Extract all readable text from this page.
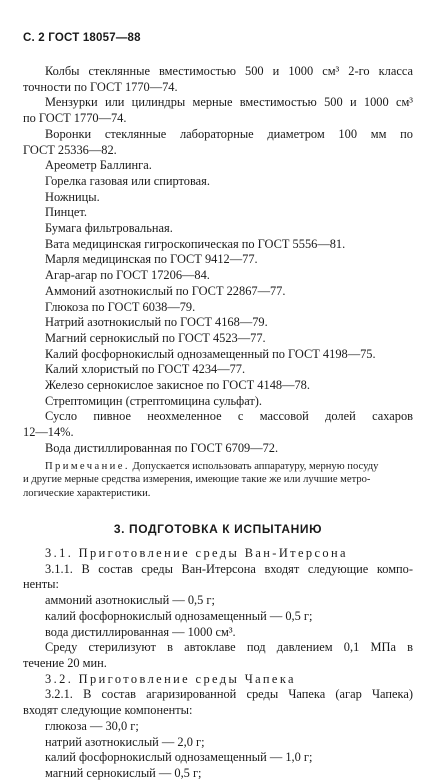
С. 2 ГОСТ 18057—88
Колбы стеклянные вместимостью 500 и 1000 см³ 2-го класса
точности по ГОСТ 1770—74.
Мензурки или цилиндры мерные вместимостью 500 и 1000 см³
по ГОСТ 1770—74.
Воронки стеклянные лабораторные диаметром 100 мм по
ГОСТ 25336—82.
Ареометр Баллинга.
Горелка газовая или спиртовая.
Ножницы.
Пинцет.
Бумага фильтровальная.
Вата медицинская гигроскопическая по ГОСТ 5556—81.
Марля медицинская по ГОСТ 9412—77.
Агар-агар по ГОСТ 17206—84.
Аммоний азотнокислый по ГОСТ 22867—77.
Глюкоза по ГОСТ 6038—79.
Натрий азотнокислый по ГОСТ 4168—79.
Магний сернокислый по ГОСТ 4523—77.
Калий фосфорнокислый однозамещенный по ГОСТ 4198—75.
Калий хлористый по ГОСТ 4234—77.
Железо сернокислое закисное по ГОСТ 4148—78.
Стрептомицин (стрептомицина сульфат).
Сусло пивное неохмеленное с массовой долей сахаров
12—14%.
Вода дистиллированная по ГОСТ 6709—72.
Примечание. Допускается использовать аппаратуру, мерную посуду
и другие мерные средства измерения, имеющие такие же или лучшие метро-
логические характеристики.
3. ПОДГОТОВКА К ИСПЫТАНИЮ
3.1. Приготовление среды Ван-Итерсона
3.1.1. В состав среды Ван-Итерсона входят следующие компо-
ненты:
аммоний азотнокислый — 0,5 г;
калий фосфорнокислый однозамещенный — 0,5 г;
вода дистиллированная — 1000 см³.
Среду стерилизуют в автоклаве под давлением 0,1 МПа в
течение 20 мин.
3.2. Приготовление среды Чапека
3.2.1. В состав агаризированной среды Чапека (агар Чапека)
входят следующие компоненты:
глюкоза — 30,0 г;
натрий азотнокислый — 2,0 г;
калий фосфорнокислый однозамещенный — 1,0 г;
магний сернокислый — 0,5 г;
